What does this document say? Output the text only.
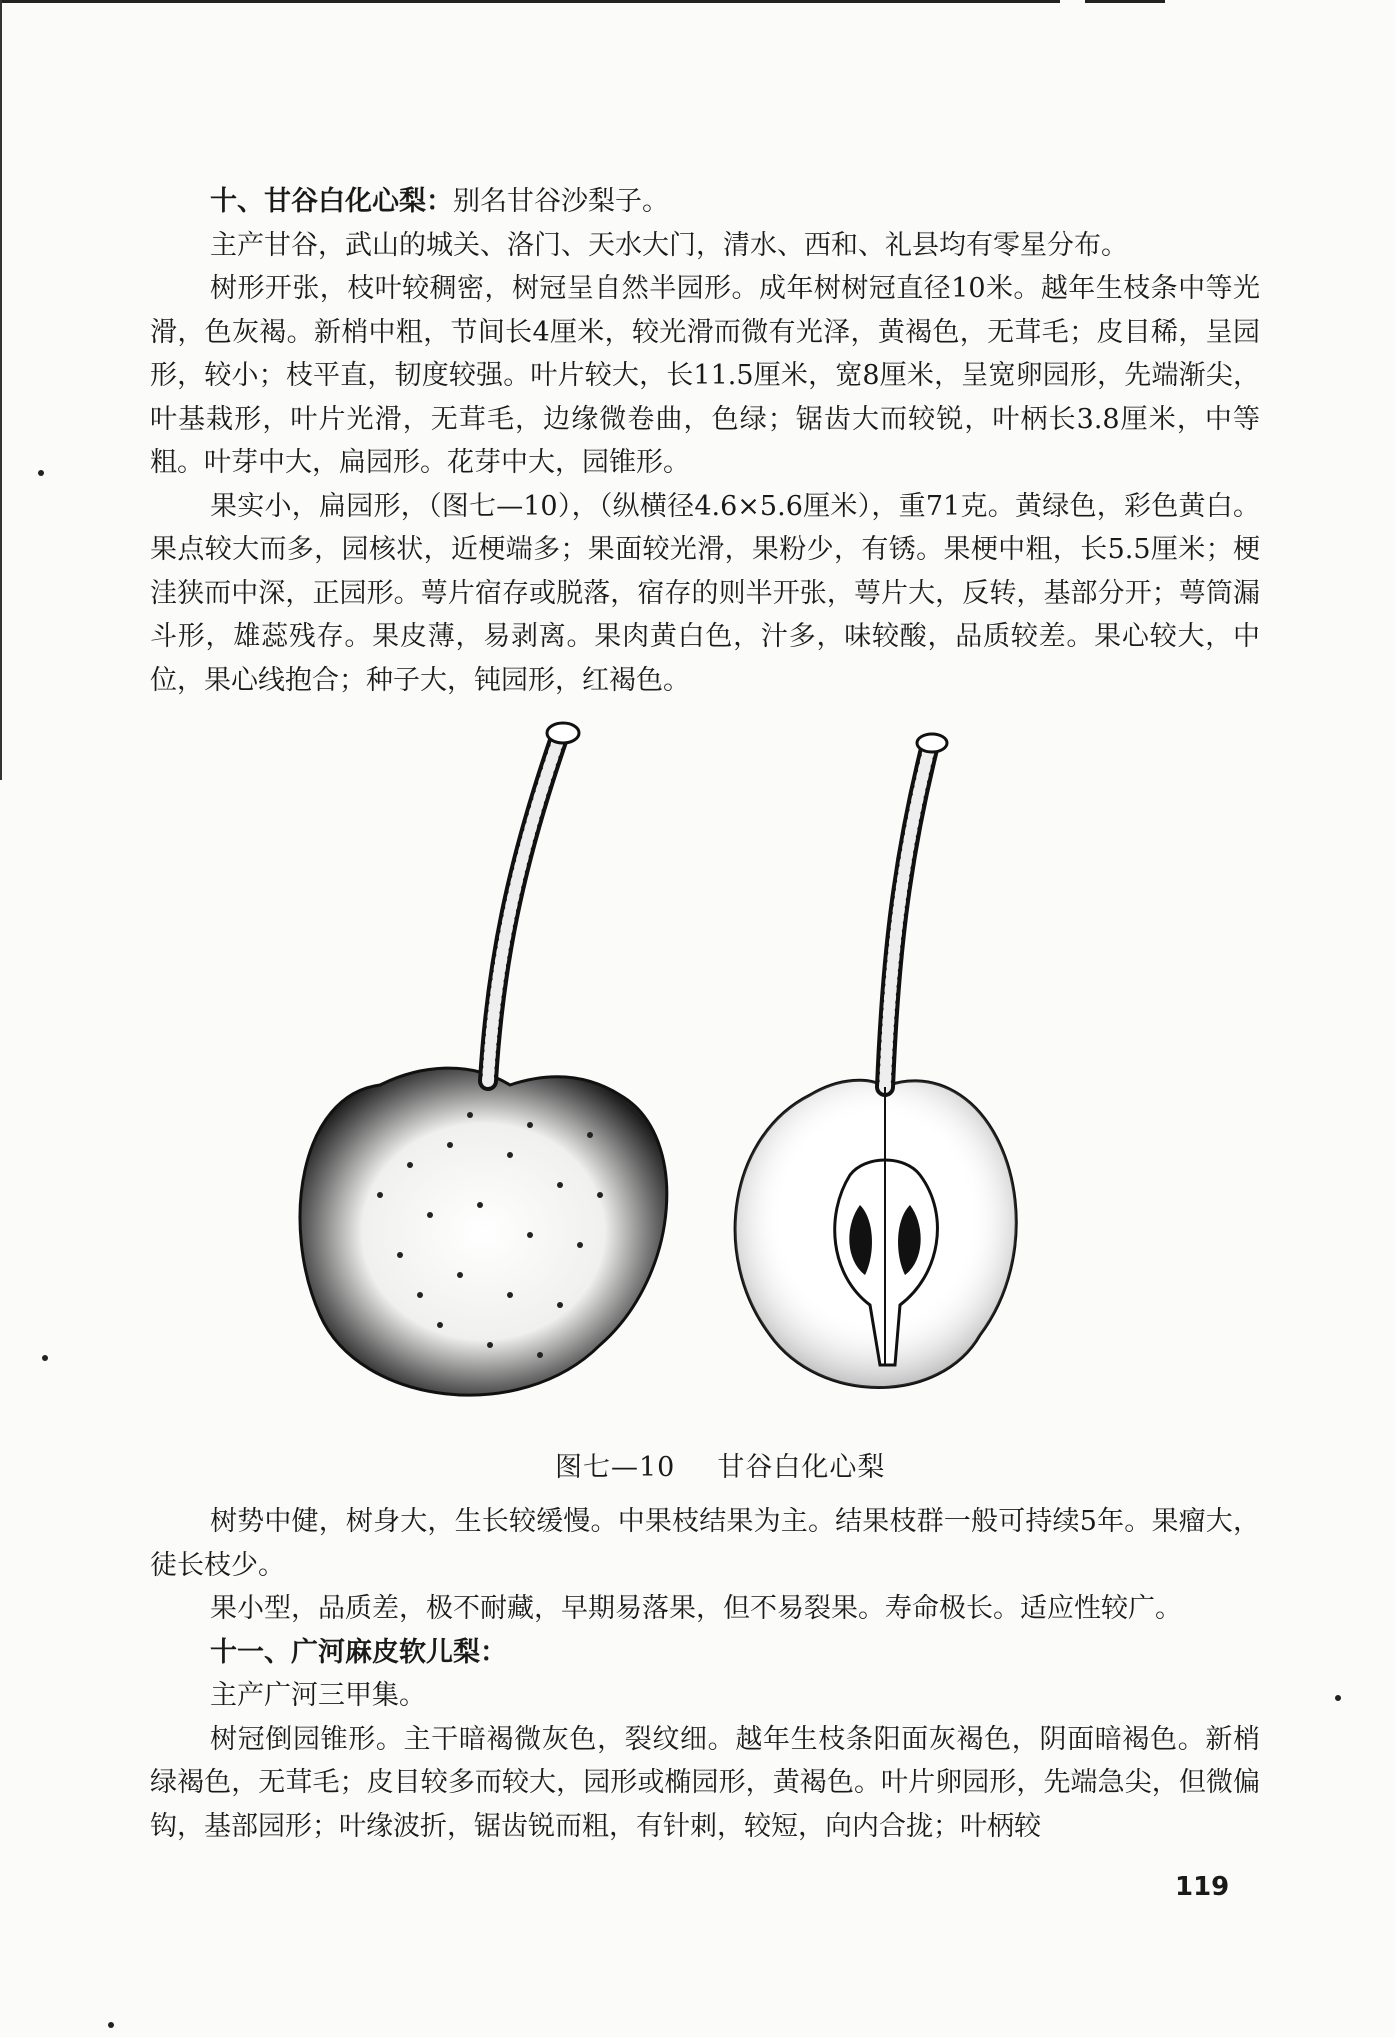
十、甘谷白化心梨：别名甘谷沙梨子。

主产甘谷，武山的城关、洛门、天水大门，清水、西和、礼县均有零星分布。

树形开张，枝叶较稠密，树冠呈自然半园形。成年树树冠直径10米。越年生枝条中等光滑，色灰褐。新梢中粗，节间长4厘米，较光滑而微有光泽，黄褐色，无茸毛；皮目稀，呈园形，较小；枝平直，韧度较强。叶片较大，长11.5厘米，宽8厘米，呈宽卵园形，先端渐尖，叶基栽形，叶片光滑，无茸毛，边缘微卷曲，色绿；锯齿大而较锐，叶柄长3.8厘米，中等粗。叶芽中大，扁园形。花芽中大，园锥形。

果实小，扁园形，（图七—10），（纵横径4.6×5.6厘米），重71克。黄绿色，彩色黄白。果点较大而多，园核状，近梗端多；果面较光滑，果粉少，有锈。果梗中粗，长5.5厘米；梗洼狭而中深，正园形。萼片宿存或脱落，宿存的则半开张，萼片大，反转，基部分开；萼筒漏斗形，雄蕊残存。果皮薄，易剥离。果肉黄白色，汁多，味较酸，品质较差。果心较大，中位，果心线抱合；种子大，钝园形，红褐色。

图七—10 甘谷白化心梨

树势中健，树身大，生长较缓慢。中果枝结果为主。结果枝群一般可持续5年。果瘤大，徒长枝少。

果小型，品质差，极不耐藏，早期易落果，但不易裂果。寿命极长。适应性较广。

十一、广河麻皮软儿梨：

主产广河三甲集。

树冠倒园锥形。主干暗褐微灰色，裂纹细。越年生枝条阳面灰褐色，阴面暗褐色。新梢绿褐色，无茸毛；皮目较多而较大，园形或椭园形，黄褐色。叶片卵园形，先端急尖，但微偏钩，基部园形；叶缘波折，锯齿锐而粗，有针刺，较短，向内合拢；叶柄较

119
